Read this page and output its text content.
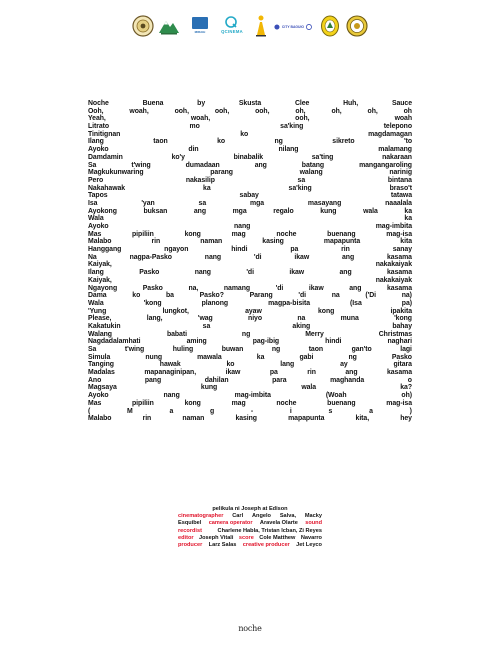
MIRAIH	QCINEMA
CITY BAGUIO
Noche	Buena	by	Skusta	Clee	Huh,	Sauce
Ooh,	woah,	ooh,	ooh,	ooh,	oh,	oh,	oh,	oh
Yeah,	woah,	ooh,	woah
Litrato	mo	sa'king	telepono
Tinitignan	ko	magdamagan
Ilang	taon	ko	ng	sikreto	'to
Ayoko	din	nilang	malamang
Damdamin	ko'y	binabalik	sa'ting	nakaraan
Sa	t'wing	dumadaan	ang	batang	mangangaroling
Magkukunwaring	parang	walang	narinig
Pero	nakasilip	sa	bintana
Nakahawak	ka	sa'king	braso't
Tapos	sabay	tatawa
Isa	'yan	sa	mga	masayang	naaalala
Ayokong	buksan	ang	mga	regalo	kung	wala	ka
Wala	ka
Ayoko	nang	mag-imbita
Mas	pipiliin	kong	mag	noche	buenang	mag-isa
Malabo	rin	naman	kasing	mapapunta	kita
Hanggang	ngayon	hindi	pa	rin	sanay
Na	nagpa-Pasko	nang	'di	ikaw	ang	kasama
Kaiyak,	nakakaiyak
Ilang	Pasko	nang	'di	ikaw	ang	kasama
Kaiyak,	nakakaiyak
Ngayong	Pasko	na,	namang	'di	ikaw	ang	kasama
Dama	ko	ba	Pasko?	Parang	'di	na	('Di	na)
Wala	'kong	planong	magpa-bisita	(Isa	pa)
'Yung	lungkot,	ayaw	kong	ipakita
Please,	lang,	'wag	niyo	na	muna	'kong
Kakatukin	sa	aking	bahay
Walang	babati	ng	Merry	Christmas
Nagdadalamhati	aming	pag-ibig	hindi	naghari
Sa	t'wing	huling	buwan	ng	taon	gan'to	lagi
Simula	nung	mawala	ka	gabi	ng	Pasko
Tanging	hawak	ko	lang	ay	gitara
Madalas	mapanaginipan,	ikaw	pa	rin	ang	kasama
Ano	pang	dahilan	para	maghanda	o
Magsaya	kung	wala	ka?
Ayoko	nang	mag-imbita	(Woah	oh)
Mas	pipiliin	kong	mag	noche	buenang	mag-isa
(	M	a	g	-	i	s	a	)
Malabo	rin	naman	kasing	mapapunta	kita,	hey
pelikula ni Joseph at Edison
cinematographer Carl Angelo Salva, Macky
Esquibel camera operator Aravela Olarte sound
recordist	Charlene Habla, Tristan Icban, Zi Reyes
editor Joseph Vitali score Cole Matthew Navarro
producer Larz Salas creative producer Jet Leyco
noche
